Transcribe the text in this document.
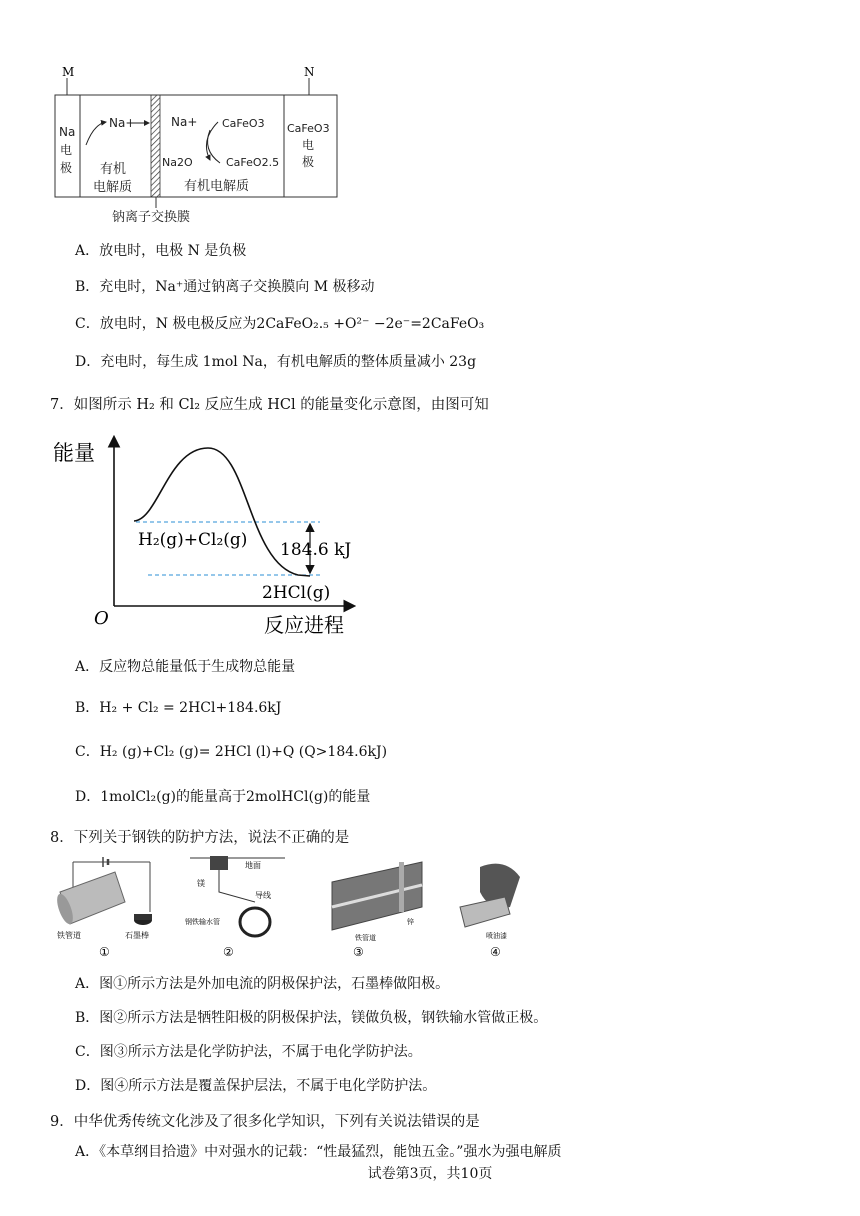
M	N
Na
电
极
CaFeO3
电
极
Na+
有机
电解质
Na+ CaFeO3
Na2O	CaFeO2.5
有机电解质
钠离子交换膜
A．放电时，电极 N 是负极
B．充电时，Na⁺通过钠离子交换膜向 M 极移动
C．放电时，N 极电极反应为2CaFeO₂.₅ +O²⁻ −2e⁻=2CaFeO₃
D．充电时，每生成 1mol Na，有机电解质的整体质量减小 23g
7．如图所示 H₂ 和 Cl₂ 反应生成 HCl 的能量变化示意图，由图可知
能量
O	反应进程
H₂(g)+Cl₂(g) 184.6 kJ
2HCl(g)
A．反应物总能量低于生成物总能量
B．H₂ + Cl₂ = 2HCl+184.6kJ
C．H₂ (g)+Cl₂ (g)= 2HCl (l)+Q (Q>184.6kJ)
D．1molCl₂(g)的能量高于2molHCl(g)的能量
8．下列关于钢铁的防护方法，说法不正确的是
铁管道	石墨棒
①
地面
镁
导线
钢铁输水管
②
铁管道
锌
③
喷油漆
④
A．图①所示方法是外加电流的阴极保护法，石墨棒做阳极。
B．图②所示方法是牺牲阳极的阴极保护法，镁做负极，钢铁输水管做正极。
C．图③所示方法是化学防护法，不属于电化学防护法。
D．图④所示方法是覆盖保护层法，不属于电化学防护法。
9．中华优秀传统文化涉及了很多化学知识，下列有关说法错误的是
A．《本草纲目拾遗》中对强水的记载：“性最猛烈，能蚀五金。”强水为强电解质
试卷第3页，共10页
